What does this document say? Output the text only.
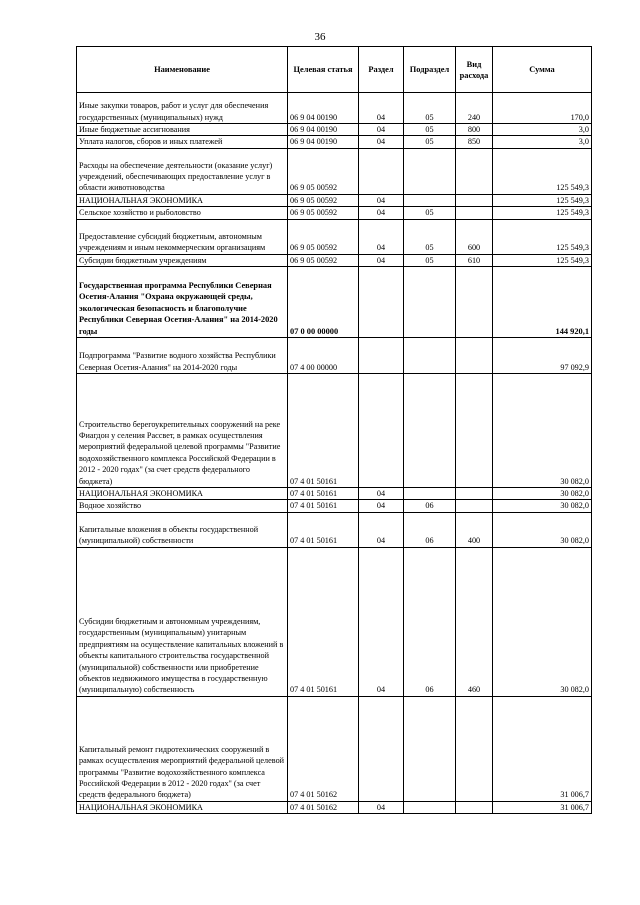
36
Наименование	Целевая статья	Раздел	Подраздел	Вид расхода	Сумма
Иные закупки товаров, работ и услуг для обеспечения государственных (муниципальных) нужд	06 9 04 00190	04	05	240	170,0
Иные бюджетные ассигнования	06 9 04 00190	04	05	800	3,0
Уплата налогов, сборов и иных платежей	06 9 04 00190	04	05	850	3,0
Расходы на обеспечение деятельности (оказание услуг) учреждений, обеспечивающих предоставление услуг в области животноводства	06 9 05 00592				125 549,3
НАЦИОНАЛЬНАЯ ЭКОНОМИКА	06 9 05 00592	04			125 549,3
Сельское хозяйство и рыболовство	06 9 05 00592	04	05		125 549,3
Предоставление субсидий бюджетным, автономным учреждениям и иным некоммерческим организациям	06 9 05 00592	04	05	600	125 549,3
Субсидии бюджетным учреждениям	06 9 05 00592	04	05	610	125 549,3
Государственная программа Республики Северная Осетия-Алания "Охрана окружающей среды, экологическая безопасность и благополучие Республики Северная Осетия-Алания" на 2014-2020 годы	07 0 00 00000				144 920,1
Подпрограмма "Развитие водного хозяйства Республики Северная Осетия-Алания" на 2014-2020 годы	07 4 00 00000				97 092,9
Строительство берегоукрепительных сооружений на реке Фиагдон у селения Рассвет, в рамках осуществления мероприятий федеральной целевой программы "Развитие водохозяйственного комплекса Российской Федерации в 2012 - 2020 годах" (за счет средств федерального бюджета)	07 4 01 50161				30 082,0
НАЦИОНАЛЬНАЯ ЭКОНОМИКА	07 4 01 50161	04			30 082,0
Водное хозяйство	07 4 01 50161	04	06		30 082,0
Капитальные вложения в объекты государственной (муниципальной) собственности	07 4 01 50161	04	06	400	30 082,0
Субсидии бюджетным и автономным учреждениям, государственным (муниципальным) унитарным предприятиям на осуществление капитальных вложений в объекты капитального строительства государственной (муниципальной) собственности или приобретение объектов недвижимого имущества в государственную (муниципальную) собственность	07 4 01 50161	04	06	460	30 082,0
Капитальный ремонт гидротехнических сооружений в рамках осуществления мероприятий федеральной целевой программы "Развитие водохозяйственного комплекса Российской Федерации в 2012 - 2020 годах" (за счет средств федерального бюджета)	07 4 01 50162				31 006,7
НАЦИОНАЛЬНАЯ ЭКОНОМИКА	07 4 01 50162	04			31 006,7
